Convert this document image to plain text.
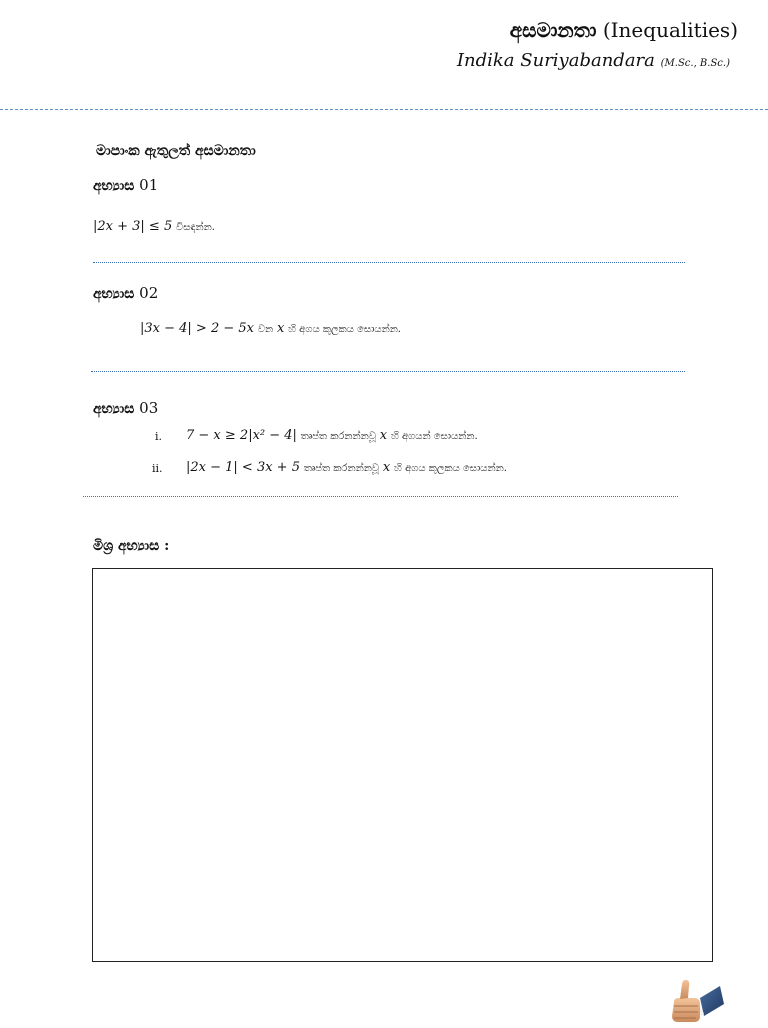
අසමානතා (Inequalities)
Indika Suriyabandara (M.Sc., B.Sc.)
මාපාංක ඇතුලත් අසමානතා
අභ්‍යාස 01
|2x + 3| ≤ 5 විසඳන්න.
අභ්‍යාස 02
|3x − 4| > 2 − 5x වන x හි අගය කුලකය සොයන්න.
අභ්‍යාස 03
i. 7 − x ≥ 2|x² − 4| තෘප්ත කරනන්නවූ x හි අගයන් සොයන්න.
ii. |2x − 1| < 3x + 5 තෘප්ත කරනන්නවූ x හි අගය කුලකය සොයන්න.
මිශ්‍ර අභ්‍යාස :
